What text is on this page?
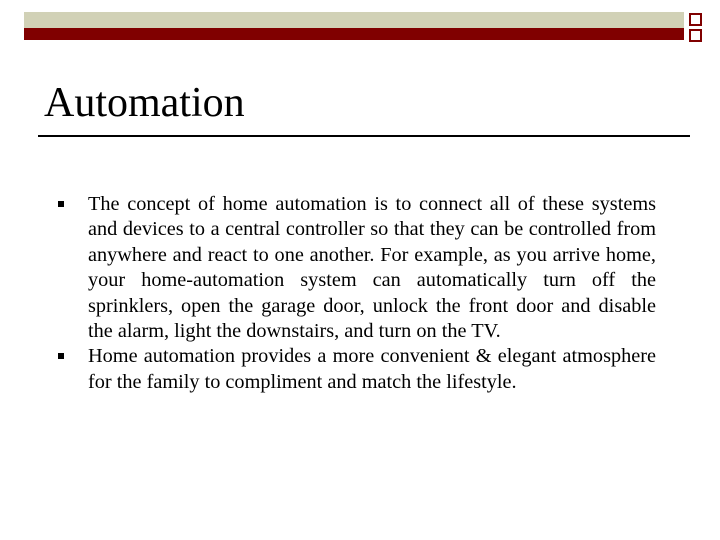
Automation
The concept of home automation is to connect all of these systems and devices to a central controller so that they can be controlled from anywhere and react to one another. For example, as you arrive home, your home-automation system can automatically turn off the sprinklers, open the garage door, unlock the front door and disable the alarm, light the downstairs, and turn on the TV.
Home automation provides a more convenient & elegant atmosphere for the family to compliment and match the lifestyle.
